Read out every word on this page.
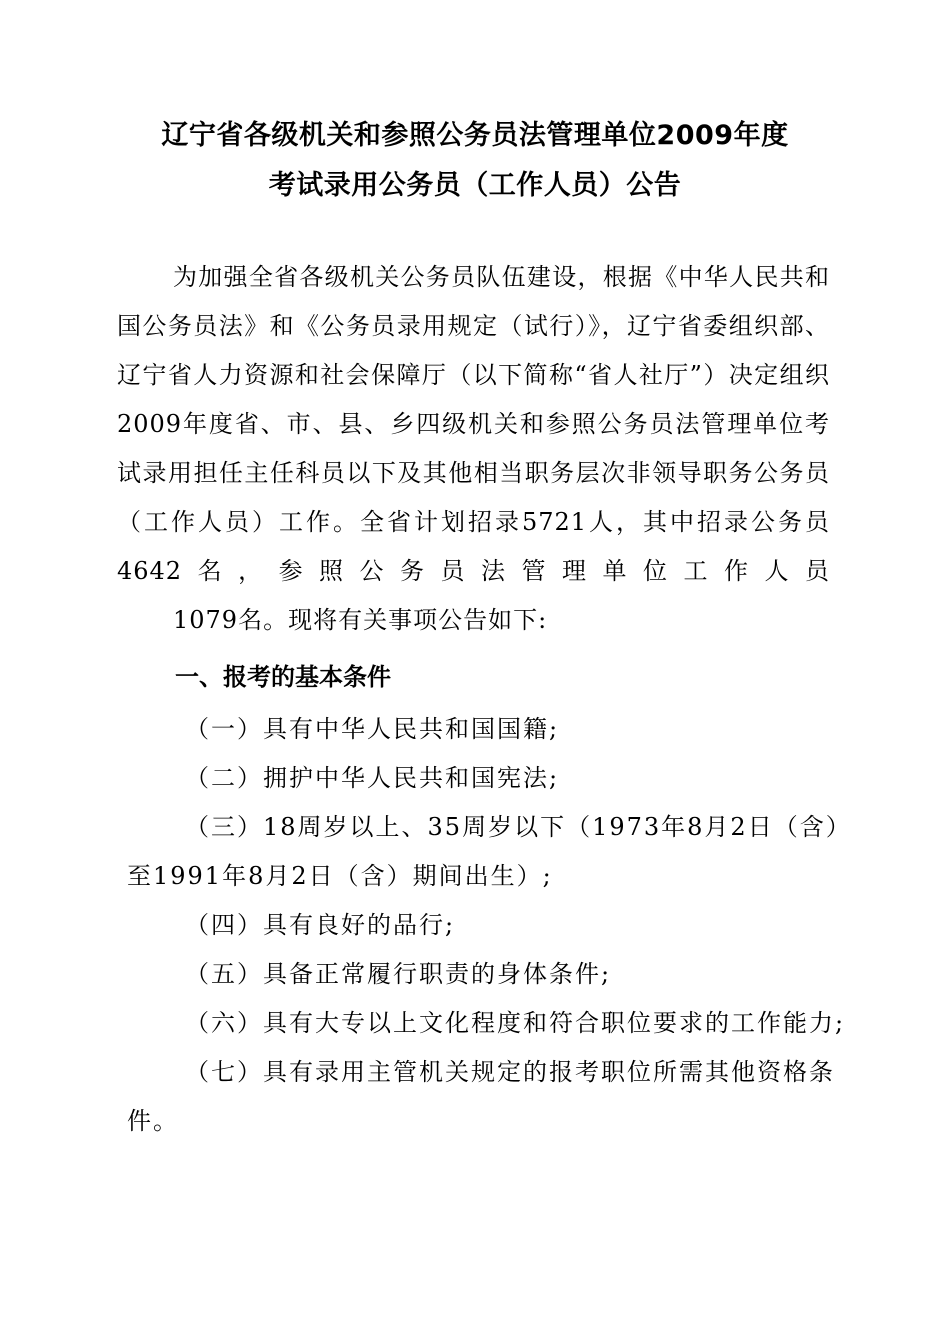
辽宁省各级机关和参照公务员法管理单位2009年度
考试录用公务员（工作人员）公告
为加强全省各级机关公务员队伍建设，根据《中华人民共和国公务员法》和《公务员录用规定（试行）》，辽宁省委组织部、辽宁省人力资源和社会保障厅（以下简称“省人社厅”）决定组织2009年度省、市、县、乡四级机关和参照公务员法管理单位考试录用担任主任科员以下及其他相当职务层次非领导职务公务员（工作人员）工作。全省计划招录5721人，其中招录公务员4642名，参照公务员法管理单位工作人员
1079名。现将有关事项公告如下:
一、报考的基本条件
（一）具有中华人民共和国国籍;
（二）拥护中华人民共和国宪法;
（三）18周岁以上、35周岁以下（1973年8月2日（含）
至1991年8月2日（含）期间出生）;
（四）具有良好的品行;
（五）具备正常履行职责的身体条件;
（六）具有大专以上文化程度和符合职位要求的工作能力;
（七）具有录用主管机关规定的报考职位所需其他资格条
件。
